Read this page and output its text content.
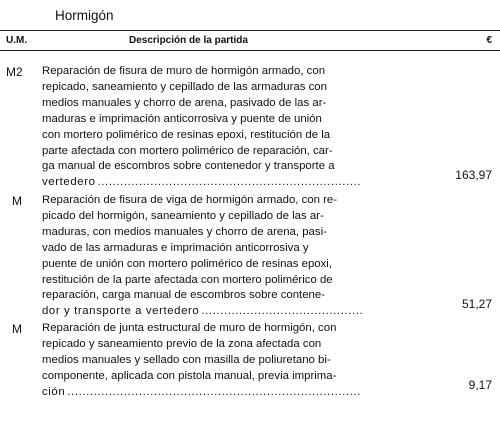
Hormigón
U.M.	Descripción de la partida	€
M2 Reparación de fisura de muro de hormigón armado, con
repicado, saneamiento y cepillado de las armaduras con
medios manuales y chorro de arena, pasivado de las ar-
maduras e imprimación anticorrosiva y puente de unión
con mortero polimérico de resinas epoxi, restitución de la
parte afectada con mortero polimérico de reparación, car-
ga manual de escombros sobre contenedor y transporte a
vertedero
.....
163,97
M Reparación de fisura de viga de hormigón armado, con re-
picado del hormigón, saneamiento y cepillado de las ar-
maduras, con medios manuales y chorro de arena, pasi-
vado de las armaduras e imprimación anticorrosiva y
puente de unión con mortero polimérico de resinas epoxi,
restitución de la parte afectada con mortero polimérico de
reparación, carga manual de escombros sobre contene-
dor y transporte a vertedero
.....
51,27
M Reparación de junta estructural de muro de hormigón, con
repicado y saneamiento previo de la zona afectada con
medios manuales y sellado con masilla de poliuretano bi-
componente, aplicada con pistola manual, previa imprima-
ción
.....	9,17
